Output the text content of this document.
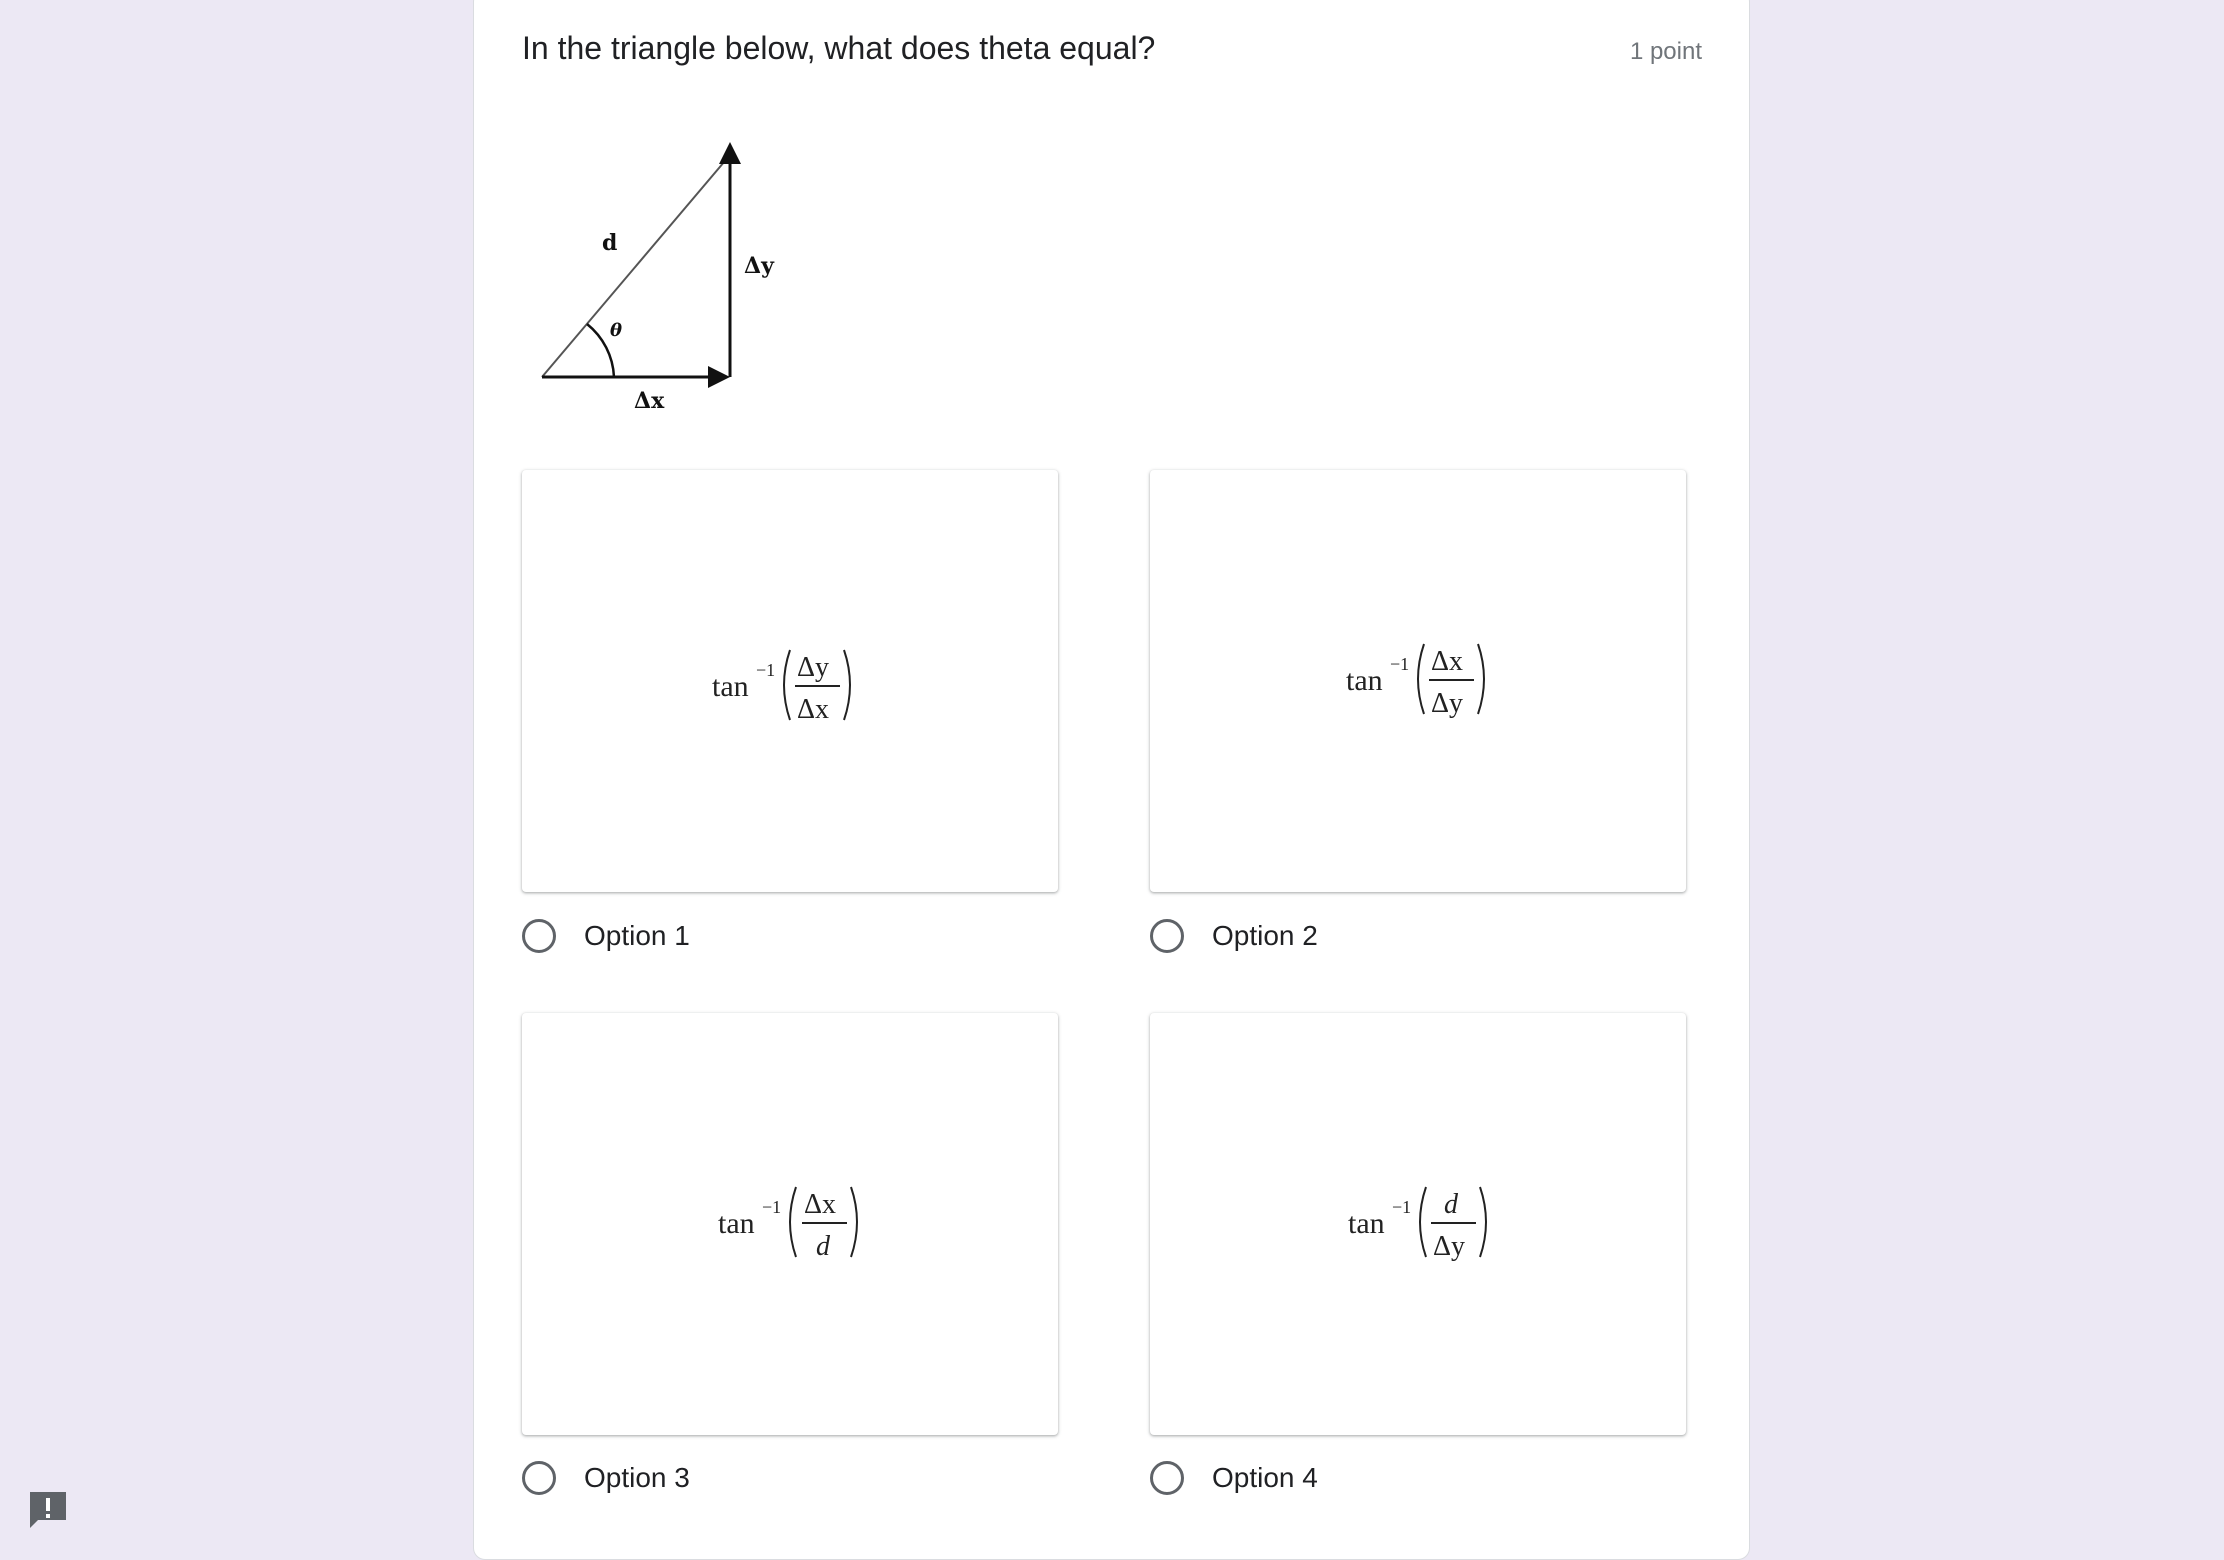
In the triangle below, what does theta equal?	1 point
d
Δy
Δx
θ
tan −1 Δy
Δx
tan −1 Δx
Δy
tan −1 Δx
d
tan −1 d
Δy
Option 1	Option 2
Option 3	Option 4
